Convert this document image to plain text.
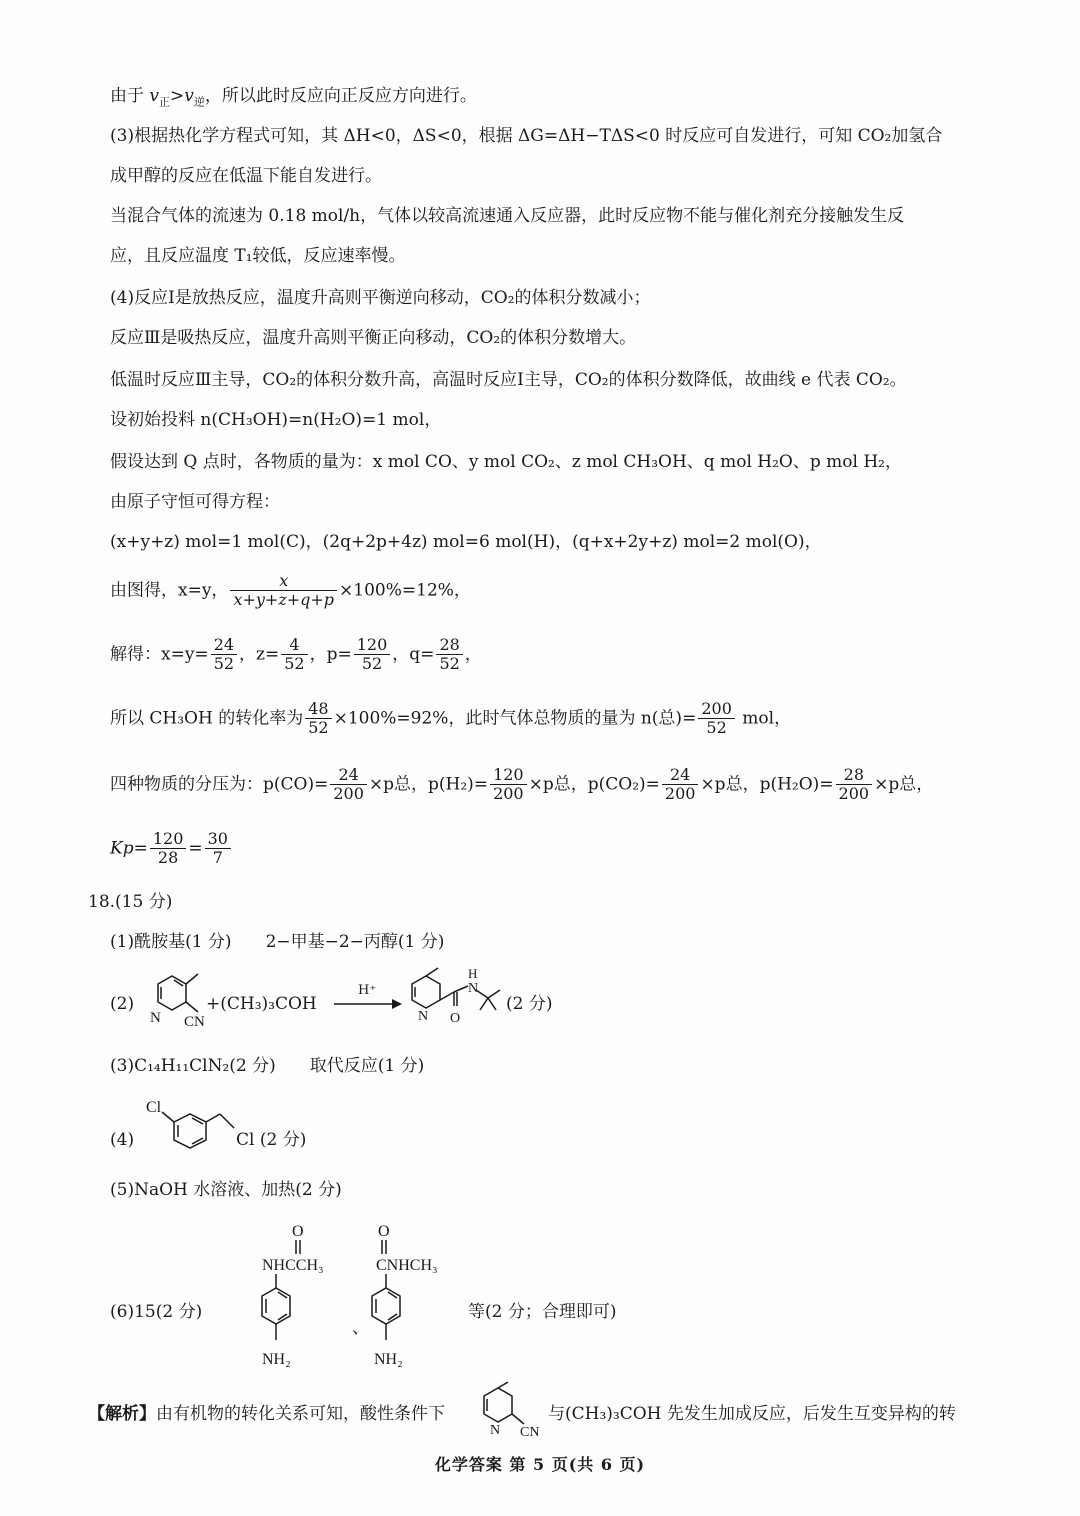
由于 $v_正>v_逆$，所以此时反应向正反应方向进行。
(3)根据热化学方程式可知，其 ΔH<0，ΔS<0，根据 ΔG=ΔH−TΔS<0 时反应可自发进行，可知 CO₂加氢合
成甲醇的反应在低温下能自发进行。
当混合气体的流速为 0.18 mol/h，气体以较高流速通入反应器，此时反应物不能与催化剂充分接触发生反
应，且反应温度 T₁较低，反应速率慢。
(4)反应Ⅰ是放热反应，温度升高则平衡逆向移动，CO₂的体积分数减小；
反应Ⅲ是吸热反应，温度升高则平衡正向移动，CO₂的体积分数增大。
低温时反应Ⅲ主导，CO₂的体积分数升高，高温时反应Ⅰ主导，CO₂的体积分数降低，故曲线 e 代表 CO₂。
设初始投料 n(CH₃OH)=n(H₂O)=1 mol，
假设达到 Q 点时，各物质的量为：x mol CO、y mol CO₂、z mol CH₃OH、q mol H₂O、p mol H₂，
由原子守恒可得方程：
(x+y+z) mol=1 mol(C)，(2q+2p+4z) mol=6 mol(H)，(q+x+2y+z) mol=2 mol(O)，
由图得，x=y， $\frac{x}{x+y+z+q+p} \times 100\%=12\%$，
解得：$x=y= \frac{24}{52}$ ，$z= \frac{4}{52}$ ，$p= \frac{120}{52}$ ，$q= \frac{28}{52}$ ，
所以 CH₃OH 的转化率为 $\frac{48}{52} \times 100\%=92\%$，此时气体总物质的量为 n(总)= $\frac{200}{52}$ mol，
四种物质的分压为：$p(CO)= \frac{24}{200} \times p$总，$p(H_2)= \frac{120}{200} \times p$总，$p(CO_2)= \frac{24}{200} \times p$总，$p(H_2O)= \frac{28}{200} \times p$总，
$Kp= \frac{120}{28} = \frac{30}{7}$
18.(15 分)
(1)酰胺基(1 分)　　2−甲基−2−丙醇(1 分)
(2)
N CN
+(CH₃)₃COH
H⁺
N O
N
H
(2 分)
(3)C₁₄H₁₁ClN₂(2 分)　　取代反应(1 分)
(4)
Cl
Cl (2 分)
(5)NaOH 水溶液、加热(2 分)
(6)15(2 分)
O
NHCCH₃
NH₂
、
O
CNHCH₃
NH₂
等(2 分；合理即可)
【解析】由有机物的转化关系可知，酸性条件下
N CN
与(CH₃)₃COH 先发生加成反应，后发生互变异构的转
化学答案 第 5 页(共 6 页)
